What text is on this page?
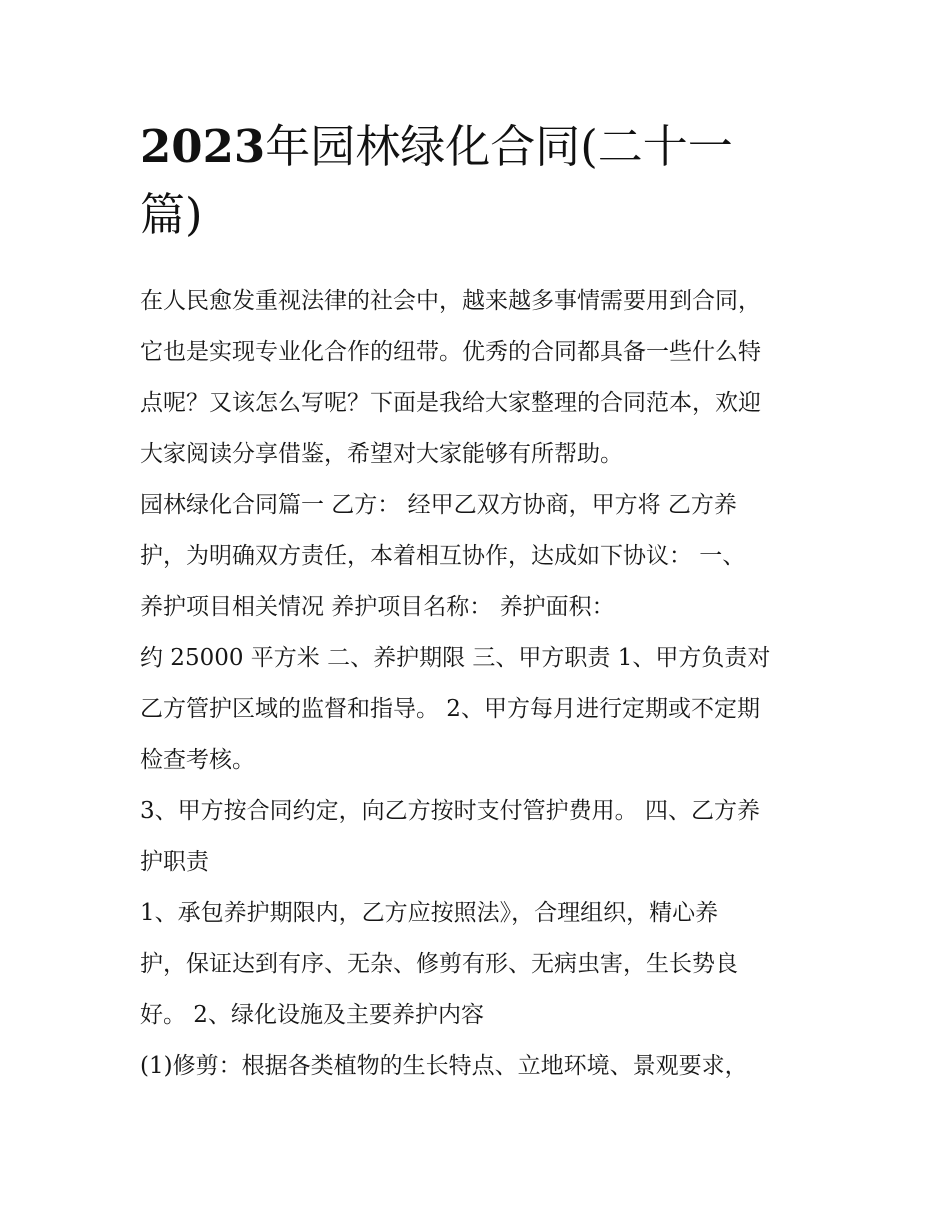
2023年园林绿化合同(二十一
篇)
在人民愈发重视法律的社会中，越来越多事情需要用到合同，
它也是实现专业化合作的纽带。优秀的合同都具备一些什么特
点呢？又该怎么写呢？下面是我给大家整理的合同范本，欢迎
大家阅读分享借鉴，希望对大家能够有所帮助。
园林绿化合同篇一 乙方： 经甲乙双方协商，甲方将 乙方养
护，为明确双方责任，本着相互协作，达成如下协议： 一、
养护项目相关情况 养护项目名称： 养护面积：
约 25000 平方米 二、养护期限 三、甲方职责 1、甲方负责对
乙方管护区域的监督和指导。 2、甲方每月进行定期或不定期
检查考核。
3、甲方按合同约定，向乙方按时支付管护费用。 四、乙方养
护职责
1、承包养护期限内，乙方应按照法》，合理组织，精心养
护，保证达到有序、无杂、修剪有形、无病虫害，生长势良
好。 2、绿化设施及主要养护内容
(1)修剪：根据各类植物的生长特点、立地环境、景观要求，
